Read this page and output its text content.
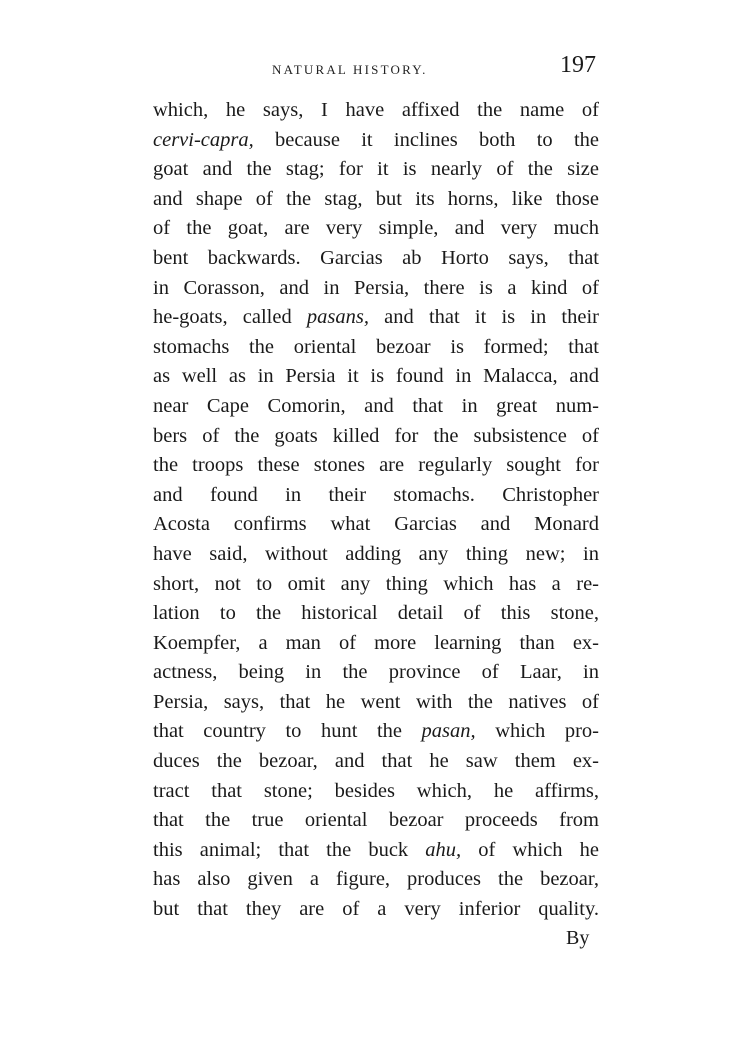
NATURAL HISTORY.	197
which, he says, I have affixed the name of
cervi-capra, because it inclines both to the
goat and the stag; for it is nearly of the size
and shape of the stag, but its horns, like those
of the goat, are very simple, and very much
bent backwards. Garcias ab Horto says, that
in Corasson, and in Persia, there is a kind of
he-goats, called pasans, and that it is in their
stomachs the oriental bezoar is formed; that
as well as in Persia it is found in Malacca, and
near Cape Comorin, and that in great num-
bers of the goats killed for the subsistence of
the troops these stones are regularly sought for
and found in their stomachs. Christopher
Acosta confirms what Garcias and Monard
have said, without adding any thing new; in
short, not to omit any thing which has a re-
lation to the historical detail of this stone,
Koempfer, a man of more learning than ex-
actness, being in the province of Laar, in
Persia, says, that he went with the natives of
that country to hunt the pasan, which pro-
duces the bezoar, and that he saw them ex-
tract that stone; besides which, he affirms,
that the true oriental bezoar proceeds from
this animal; that the buck ahu, of which he
has also given a figure, produces the bezoar,
but that they are of a very inferior quality.
By
